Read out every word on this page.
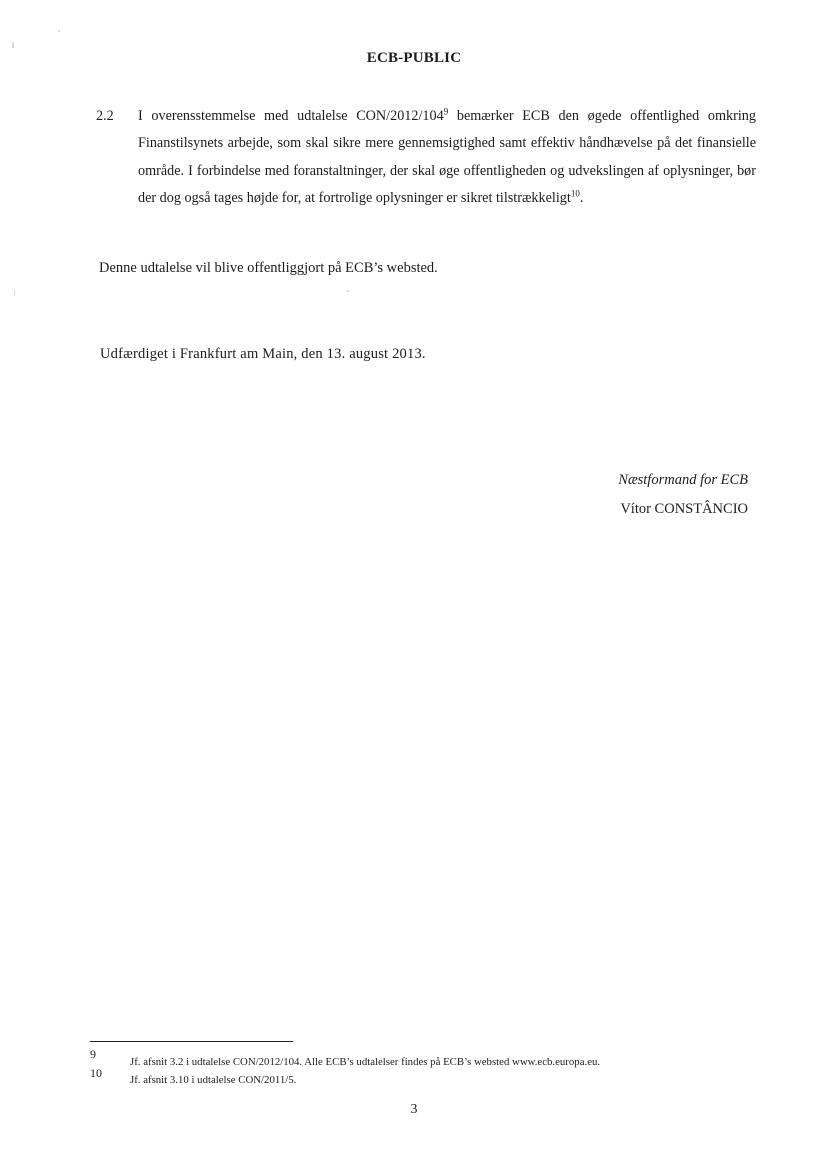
ECB-PUBLIC
2.2 I overensstemmelse med udtalelse CON/$2012/104^9$ bemærker ECB den øgede offentlighed omkring Finanstilsynets arbejde, som skal sikre mere gennemsigtighed samt effektiv håndhævelse på det finansielle område. I forbindelse med foranstaltninger, der skal øge offentligheden og udvekslingen af oplysninger, bør der dog også tages højde for, at fortrolige oplysninger er sikret tilstrækkeligt$^{10}$.
Denne udtalelse vil blive offentliggjort på ECB’s websted.
ˋ
Udfærdiget i Frankfurt am Main, den 13. august 2013.
Næstformand for ECB
Vítor CONSTÂNCIO
9
Jf. afsnit 3.2 i udtalelse CON/2012/104. Alle ECB’s udtalelser findes på ECB’s websted www.ecb.europa.eu.
10	Jf. afsnit 3.10 i udtalelse CON/2011/5.
3
